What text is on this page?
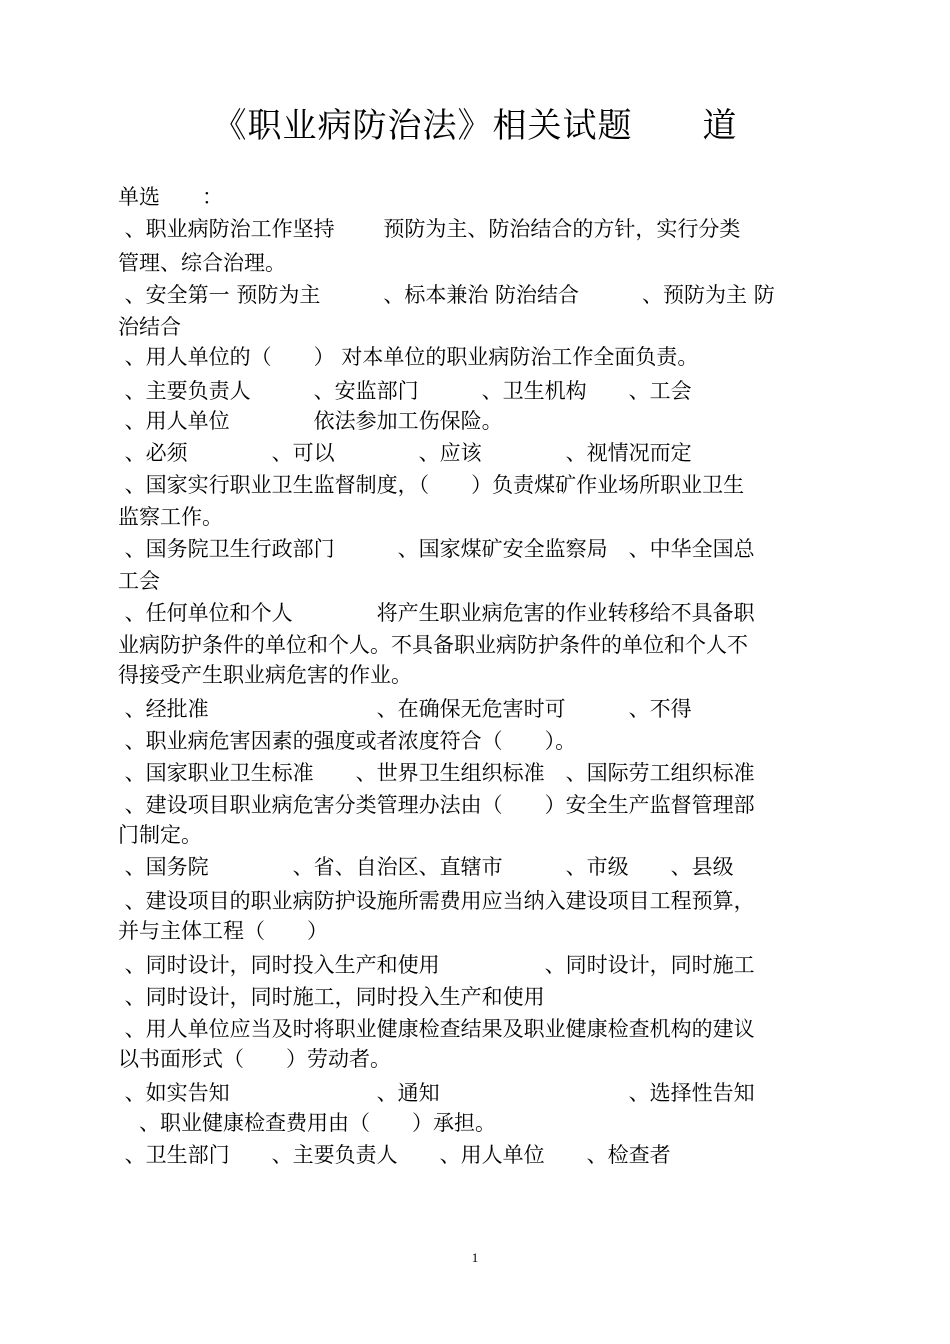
《职业病防治法》相关试题　　道
单选　　：
、职业病防治工作坚持　　 预防为主、防治结合的方针，实行分类
管理、综合治理。
、安全第一 预防为主　　　、标本兼治 防治结合　　　、预防为主 防
治结合
、用人单位的（　　） 对本单位的职业病防治工作全面负责。
、主要负责人　　　、安监部门　　　、卫生机构　　、工会
、用人单位　　　　依法参加工伤保险。
、必须　　　　、可以　　　　、应该　　　　、视情况而定
、国家实行职业卫生监督制度，（　　）负责煤矿作业场所职业卫生
监察工作。
、国务院卫生行政部门　　　、国家煤矿安全监察局　、中华全国总
工会
、任何单位和个人　　　　将产生职业病危害的作业转移给不具备职
业病防护条件的单位和个人。不具备职业病防护条件的单位和个人不
得接受产生职业病危害的作业。
、经批准　　　　　　　　、在确保无危害时可　　　、不得
、职业病危害因素的强度或者浓度符合（　　）。
、国家职业卫生标准　　、世界卫生组织标准　、国际劳工组织标准
、建设项目职业病危害分类管理办法由（　　）安全生产监督管理部
门制定。
、国务院　　　　、省、自治区、直辖市　　　、市级　　、县级
、建设项目的职业病防护设施所需费用应当纳入建设项目工程预算，
并与主体工程（　　）
、同时设计，同时投入生产和使用　　　　　、同时设计，同时施工
、同时设计，同时施工，同时投入生产和使用
、用人单位应当及时将职业健康检查结果及职业健康检查机构的建议
以书面形式（　　）劳动者。
、如实告知　　　　　　　、通知　　　　　　　　　、选择性告知
　、职业健康检查费用由（　　）承担。
、卫生部门　　、主要负责人　　、用人单位　　、检查者
1
